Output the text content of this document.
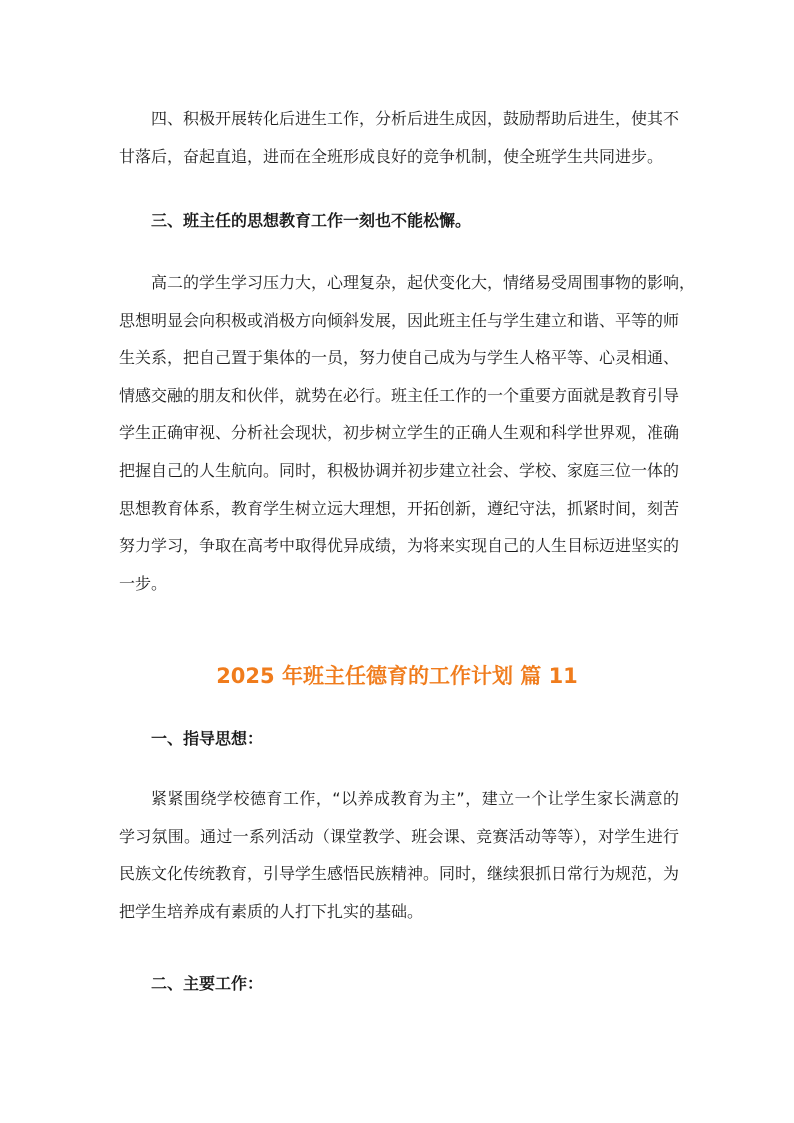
四、积极开展转化后进生工作，分析后进生成因，鼓励帮助后进生，使其不
甘落后，奋起直追，进而在全班形成良好的竞争机制，使全班学生共同进步。
三、班主任的思想教育工作一刻也不能松懈。
高二的学生学习压力大，心理复杂，起伏变化大，情绪易受周围事物的影响，
思想明显会向积极或消极方向倾斜发展，因此班主任与学生建立和谐、平等的师
生关系，把自己置于集体的一员，努力使自己成为与学生人格平等、心灵相通、
情感交融的朋友和伙伴，就势在必行。班主任工作的一个重要方面就是教育引导
学生正确审视、分析社会现状，初步树立学生的正确人生观和科学世界观，准确
把握自己的人生航向。同时，积极协调并初步建立社会、学校、家庭三位一体的
思想教育体系，教育学生树立远大理想，开拓创新，遵纪守法，抓紧时间，刻苦
努力学习，争取在高考中取得优异成绩，为将来实现自己的人生目标迈进坚实的
一步。
2025 年班主任德育的工作计划 篇 11
一、指导思想：
紧紧围绕学校德育工作，“以养成教育为主”，建立一个让学生家长满意的
学习氛围。通过一系列活动（课堂教学、班会课、竞赛活动等等），对学生进行
民族文化传统教育，引导学生感悟民族精神。同时，继续狠抓日常行为规范，为
把学生培养成有素质的人打下扎实的基础。
二、主要工作：
